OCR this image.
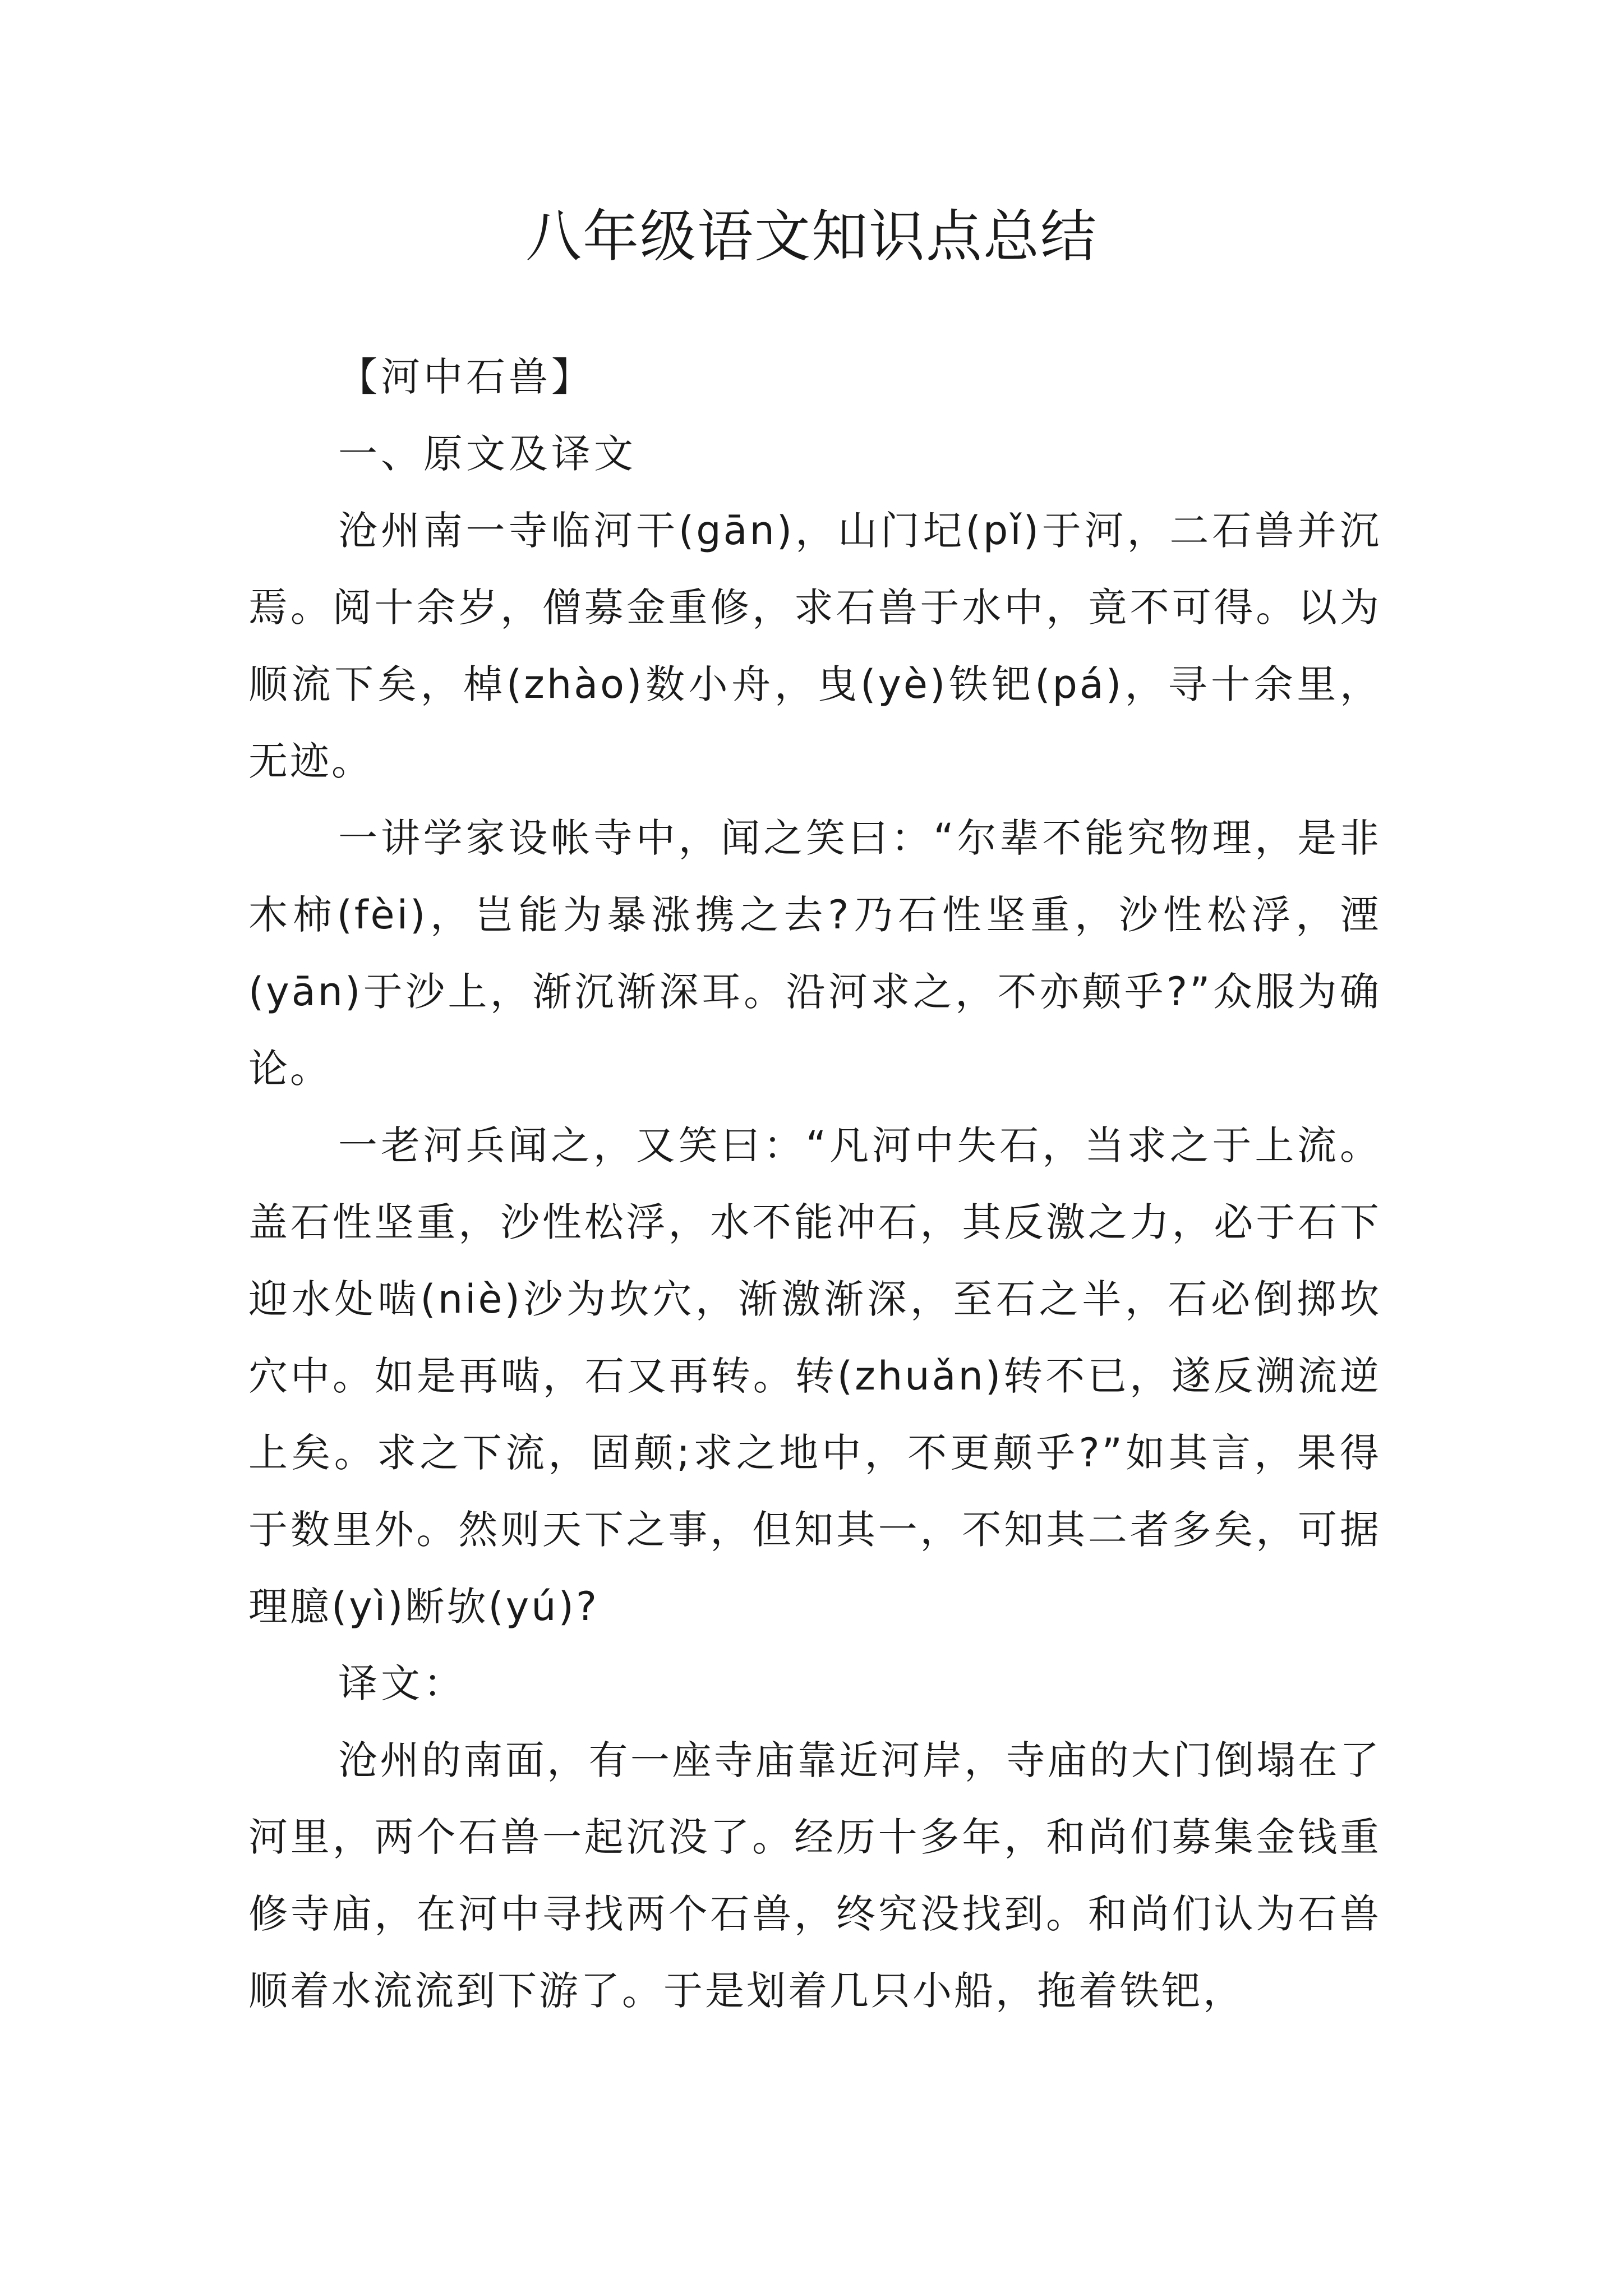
八年级语文知识点总结

【河中石兽】

一、原文及译文

沧州南一寺临河干(gān)，山门圮(pǐ)于河，二石兽并沉焉。阅十余岁，僧募金重修，求石兽于水中，竟不可得。以为顺流下矣，棹(zhào)数小舟，曳(yè)铁钯(pá)，寻十余里，无迹。

一讲学家设帐寺中，闻之笑曰：“尔辈不能究物理，是非木柿(fèi)，岂能为暴涨携之去?乃石性坚重，沙性松浮，湮(yān)于沙上，渐沉渐深耳。沿河求之，不亦颠乎?”众服为确论。

一老河兵闻之，又笑曰：“凡河中失石，当求之于上流。盖石性坚重，沙性松浮，水不能冲石，其反激之力，必于石下迎水处啮(niè)沙为坎穴，渐激渐深，至石之半，石必倒掷坎穴中。如是再啮，石又再转。转(zhuǎn)转不已，遂反溯流逆上矣。求之下流，固颠;求之地中，不更颠乎?”如其言，果得于数里外。然则天下之事，但知其一，不知其二者多矣，可据理臆(yì)断欤(yú)?

译文：

沧州的南面，有一座寺庙靠近河岸，寺庙的大门倒塌在了河里，两个石兽一起沉没了。经历十多年，和尚们募集金钱重修寺庙，在河中寻找两个石兽，终究没找到。和尚们认为石兽顺着水流流到下游了。于是划着几只小船，拖着铁钯，
